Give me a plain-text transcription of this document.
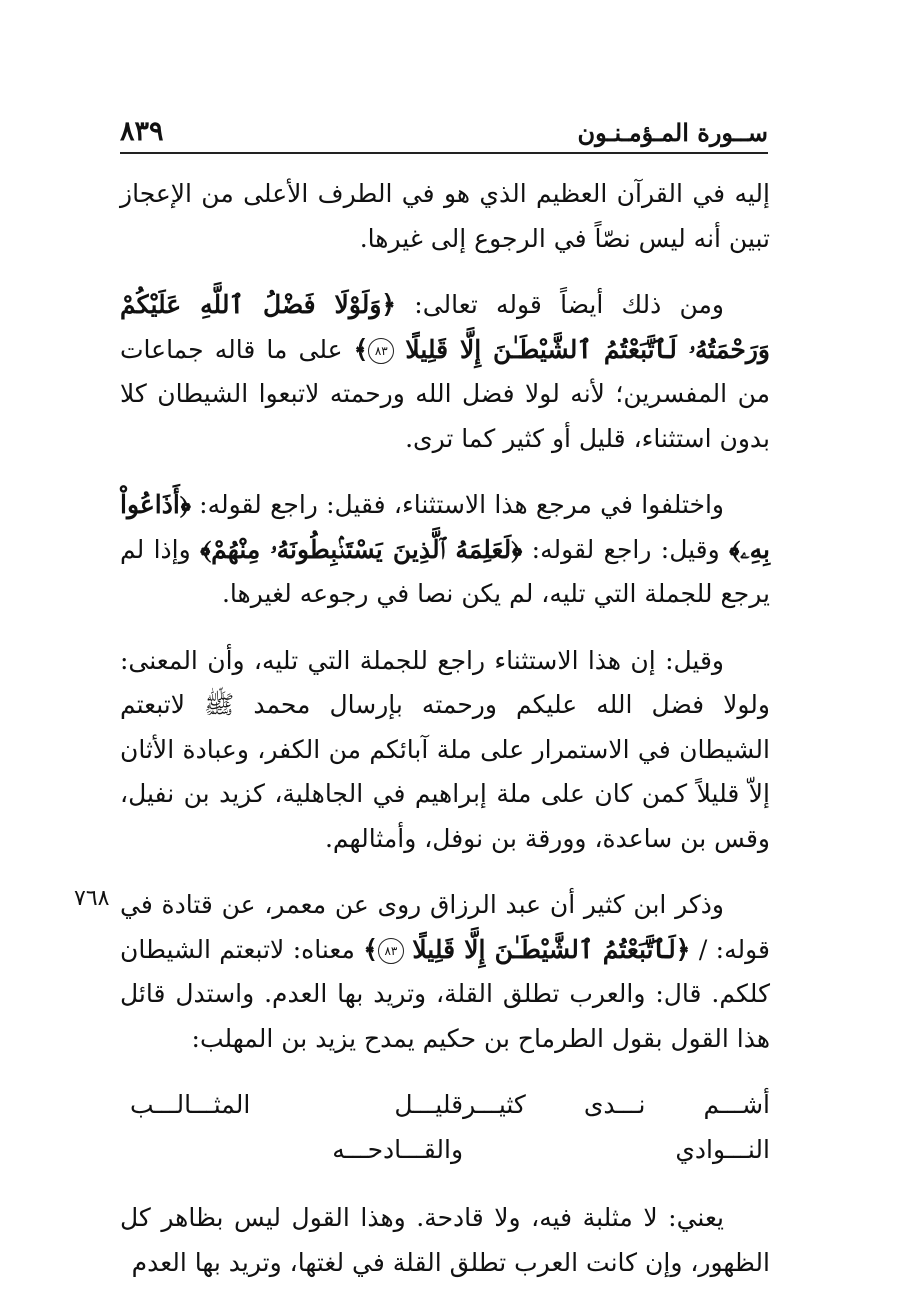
ســورة المـؤمـنـون
٨٣٩
٧٦٨

إليه في القرآن العظيم الذي هو في الطرف الأعلى من الإعجاز تبين أنه ليس نصّاً في الرجوع إلى غيرها.

ومن ذلك أيضاً قوله تعالى: ﴿وَلَوْلَا فَضْلُ ٱللَّهِ عَلَيْكُمْ وَرَحْمَتُهُۥ لَٱتَّبَعْتُمُ ٱلشَّيْطَـٰنَ إِلَّا قَلِيلًا ٨٣﴾ على ما قاله جماعات من المفسرين؛ لأنه لولا فضل الله ورحمته لاتبعوا الشيطان كلا بدون استثناء، قليل أو كثير كما ترى.

واختلفوا في مرجع هذا الاستثناء، فقيل: راجع لقوله: ﴿أَذَاعُواْ بِهِۦ﴾ وقيل: راجع لقوله: ﴿لَعَلِمَهُ ٱلَّذِينَ يَسْتَنۢبِطُونَهُۥ مِنْهُمْ﴾ وإذا لم يرجع للجملة التي تليه، لم يكن نصا في رجوعه لغيرها.

وقيل: إن هذا الاستثناء راجع للجملة التي تليه، وأن المعنى: ولولا فضل الله عليكم ورحمته بإرسال محمد ﷺ لاتبعتم الشيطان في الاستمرار على ملة آبائكم من الكفر، وعبادة الأثان إلاّ قليلاً كمن كان على ملة إبراهيم في الجاهلية، كزيد بن نفيل، وقس بن ساعدة، وورقة بن نوفل، وأمثالهم.

وذكر ابن كثير أن عبد الرزاق روى عن معمر، عن قتادة في قوله: / ﴿لَٱتَّبَعْتُمُ ٱلشَّيْطَـٰنَ إِلَّا قَلِيلًا ٨٣﴾ معناه: لاتبعتم الشيطان كلكم. قال: والعرب تطلق القلة، وتريد بها العدم. واستدل قائل هذا القول بقول الطرماح بن حكيم يمدح يزيد بن المهلب:

أشـــم نـــدى كثيـــر النـــوادي
قليـــل المثـــالـــب والقـــادحـــه

يعني: لا مثلبة فيه، ولا قادحة. وهذا القول ليس بظاهر كل الظهور، وإن كانت العرب تطلق القلة في لغتها، وتريد بها العدم
